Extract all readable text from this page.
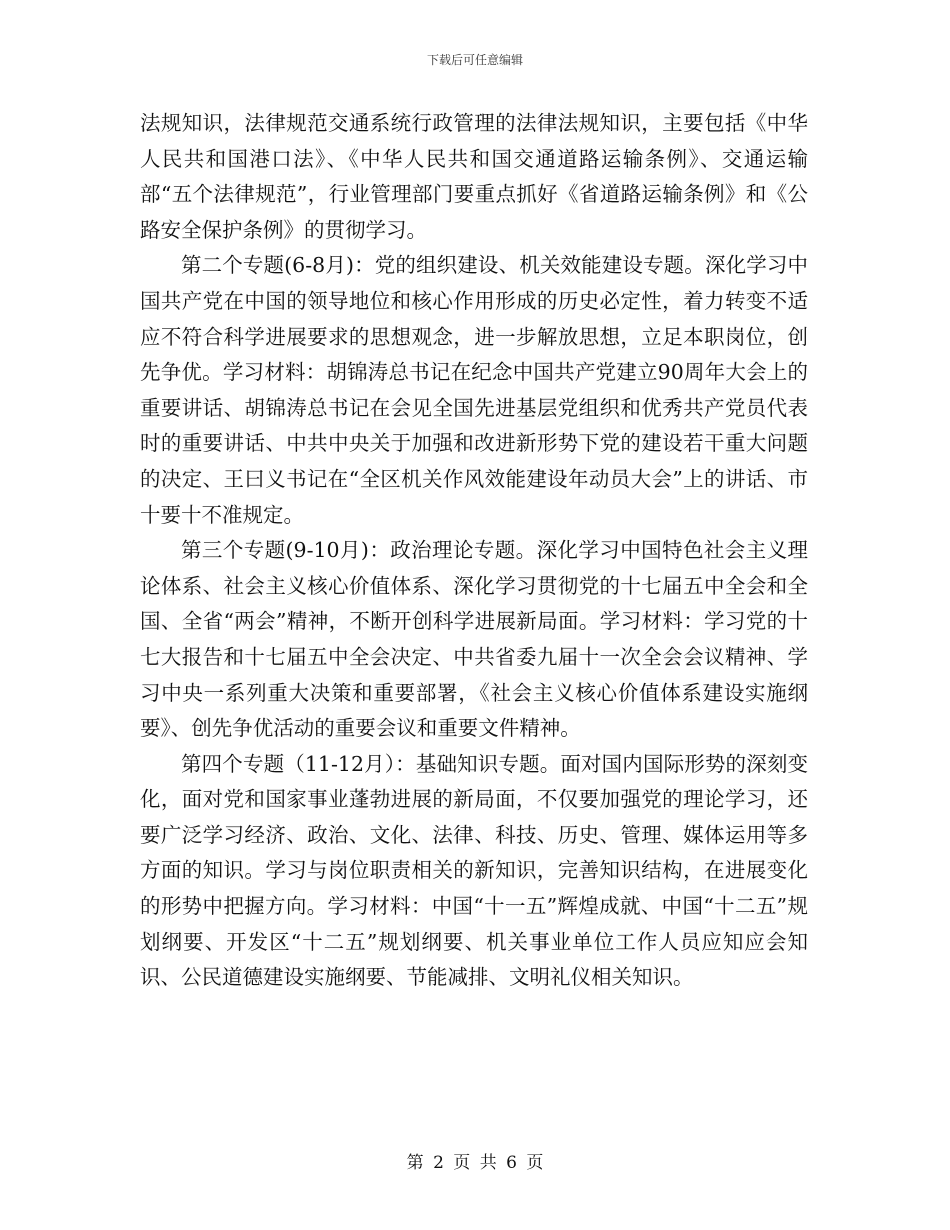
下载后可任意编辑

法规知识，法律规范交通系统行政管理的法律法规知识，主要包括《中华人民共和国港口法》、《中华人民共和国交通道路运输条例》、交通运输部“五个法律规范”，行业管理部门要重点抓好《省道路运输条例》和《公路安全保护条例》的贯彻学习。

第二个专题(6-8月)：党的组织建设、机关效能建设专题。深化学习中国共产党在中国的领导地位和核心作用形成的历史必定性，着力转变不适应不符合科学进展要求的思想观念，进一步解放思想，立足本职岗位，创先争优。学习材料：胡锦涛总书记在纪念中国共产党建立90周年大会上的重要讲话、胡锦涛总书记在会见全国先进基层党组织和优秀共产党员代表时的重要讲话、中共中央关于加强和改进新形势下党的建设若干重大问题的决定、王曰义书记在“全区机关作风效能建设年动员大会”上的讲话、市十要十不准规定。

第三个专题(9-10月)：政治理论专题。深化学习中国特色社会主义理论体系、社会主义核心价值体系、深化学习贯彻党的十七届五中全会和全国、全省“两会”精神，不断开创科学进展新局面。学习材料：学习党的十七大报告和十七届五中全会决定、中共省委九届十一次全会会议精神、学习中央一系列重大决策和重要部署，《社会主义核心价值体系建设实施纲要》、创先争优活动的重要会议和重要文件精神。

第四个专题（11-12月）：基础知识专题。面对国内国际形势的深刻变化，面对党和国家事业蓬勃进展的新局面，不仅要加强党的理论学习，还要广泛学习经济、政治、文化、法律、科技、历史、管理、媒体运用等多方面的知识。学习与岗位职责相关的新知识，完善知识结构，在进展变化的形势中把握方向。学习材料：中国“十一五”辉煌成就、中国“十二五”规划纲要、开发区“十二五”规划纲要、机关事业单位工作人员应知应会知识、公民道德建设实施纲要、节能减排、文明礼仪相关知识。

第 2 页 共 6 页
